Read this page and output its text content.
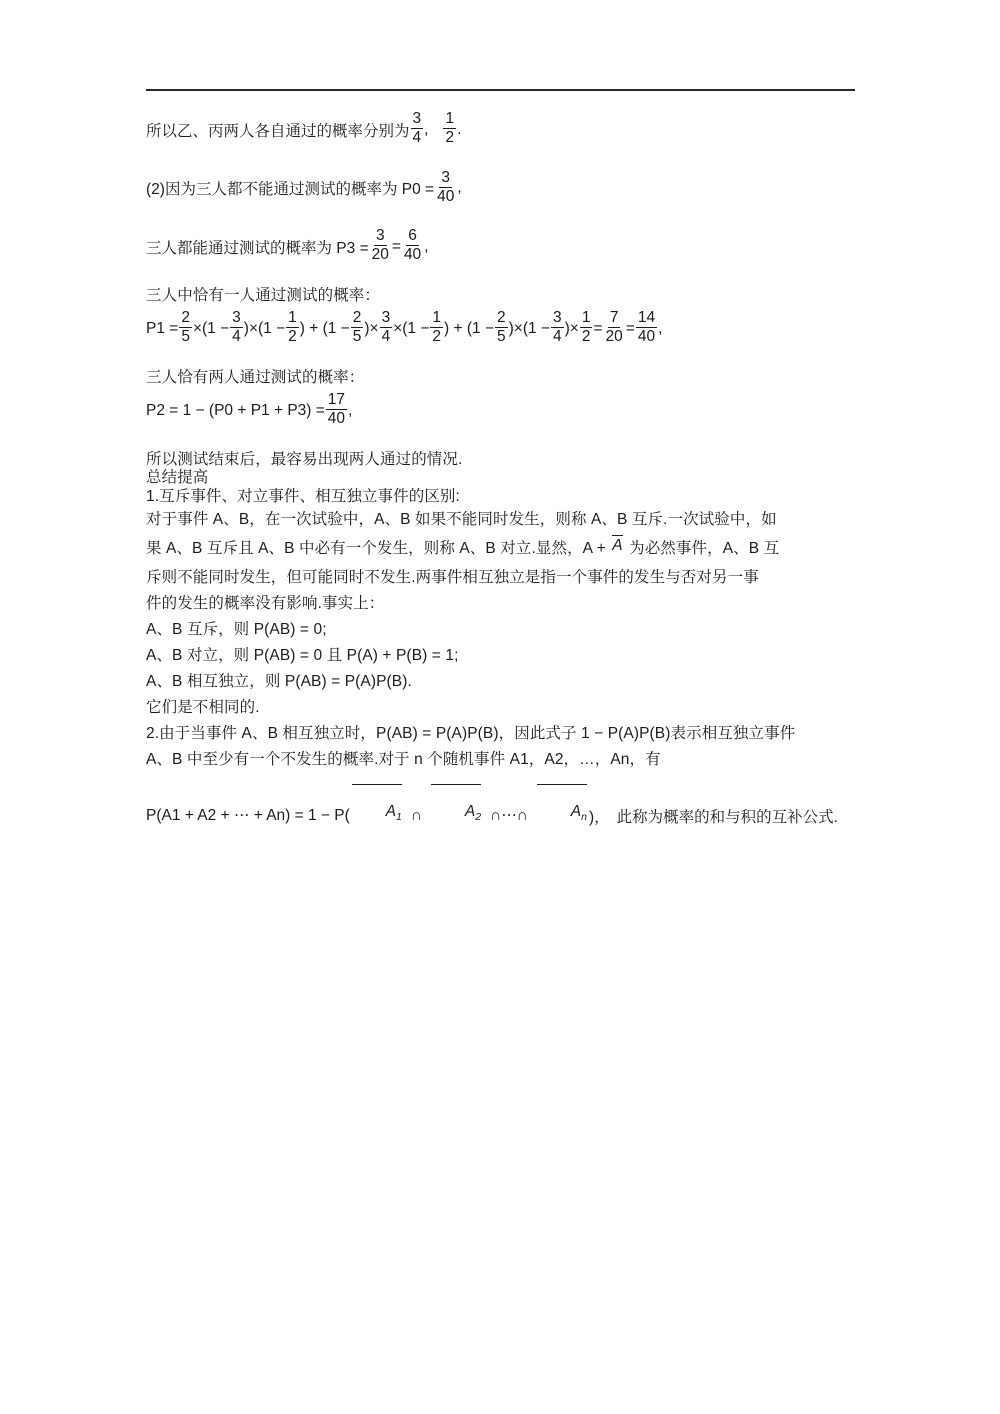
所以乙、丙两人各自通过的概率分别为 $\frac{3}{4}$ , $\frac{1}{2}$ .
(2)因为三人都不能通过测试的概率为 $P0 = \frac{3}{40}$ ,
三人都能通过测试的概率为 $P3 = \frac{3}{20} = \frac{6}{40}$ ,
三人中恰有一人通过测试的概率：
$P1 = \frac{2}{5} \times(1 - \frac{3}{4} )\times(1 - \frac{1}{2}$ ) + ($1 - \frac{2}{5}$ )× $\frac{3}{4} \times(1 - \frac{1}{2}$ ) + $(1 - \frac{2}{5} )\times(1 - \frac{3}{4}$ )× $\frac{1}{2} = \frac{7}{20} = \frac{14}{40}$ ,
三人恰有两人通过测试的概率：
$P2 = 1 - (P0 + P1 + P3) = \frac{17}{40}$ ,
所以测试结束后，最容易出现两人通过的情况.
总结提高
1.互斥事件、对立事件、相互独立事件的区别:
对于事件 A、B，在一次试验中，A、B 如果不能同时发生，则称 A、B 互斥.一次试验中，如
果 A、B 互斥且 A、B 中必有一个发生，则称 A、B 对立.显然，A + A 为必然事件，A、B 互
斥则不能同时发生，但可能同时不发生.两事件相互独立是指一个事件的发生与否对另一事
件的发生的概率没有影响.事实上：
A、B 互斥，则 P(AB) = 0;
A、B 对立，则 P(AB) = 0 且 P(A) + P(B) = 1;
A、B 相互独立，则 P(AB) = P(A)P(B).
它们是不相同的.
2.由于当事件 A、B 相互独立时，P(AB) = P(A)P(B)，因此式子 1 − P(A)P(B)表示相互独立事件
A、B 中至少有一个不发生的概率.对于 n 个随机事件 A1，A2，…，An，有
P(A1 + A2 + ⋯ + An) = 1 − P(	$A_1$
∩	$A_2$
∩⋯∩	$A_n$
)， 此称为概率的和与积的互补公式.
